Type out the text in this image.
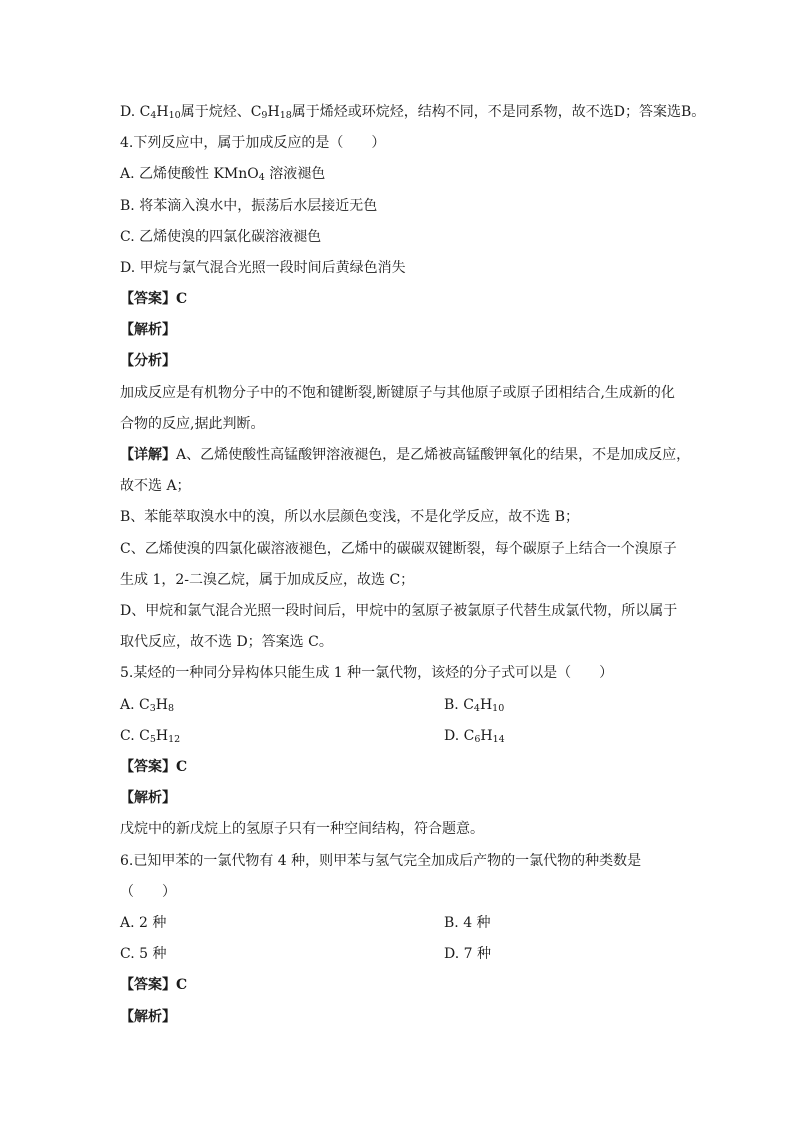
D. $C_4H_{10}$属于烷烃、$C_9H_{18}$属于烯烃或环烷烃，结构不同，不是同系物，故不选D；答案选B。
4.下列反应中，属于加成反应的是（　　）
A. 乙烯使酸性 KMnO$_4$ 溶液褪色
B. 将苯滴入溴水中，振荡后水层接近无色
C. 乙烯使溴的四氯化碳溶液褪色
D. 甲烷与氯气混合光照一段时间后黄绿色消失
【答案】C
【解析】
【分析】
加成反应是有机物分子中的不饱和键断裂,断键原子与其他原子或原子团相结合,生成新的化
合物的反应,据此判断。
【详解】A、乙烯使酸性高锰酸钾溶液褪色，是乙烯被高锰酸钾氧化的结果，不是加成反应，
故不选 A；
B、苯能萃取溴水中的溴，所以水层颜色变浅，不是化学反应，故不选 B；
C、乙烯使溴的四氯化碳溶液褪色，乙烯中的碳碳双键断裂，每个碳原子上结合一个溴原子
生成 1，2-二溴乙烷，属于加成反应，故选 C；
D、甲烷和氯气混合光照一段时间后，甲烷中的氢原子被氯原子代替生成氯代物，所以属于
取代反应，故不选 D；答案选 C。
5.某烃的一种同分异构体只能生成 1 种一氯代物，该烃的分子式可以是（　　）
A. $C_3H_8$	B. $C_4H_{10}$
C. $C_5H_{12}$	D. $C_6H_{14}$
【答案】C
【解析】
戊烷中的新戊烷上的氢原子只有一种空间结构，符合题意。
6.已知甲苯的一氯代物有 4 种，则甲苯与氢气完全加成后产物的一氯代物的种类数是
（　　）
A. 2 种	B. 4 种
C. 5 种	D. 7 种
【答案】C
【解析】
